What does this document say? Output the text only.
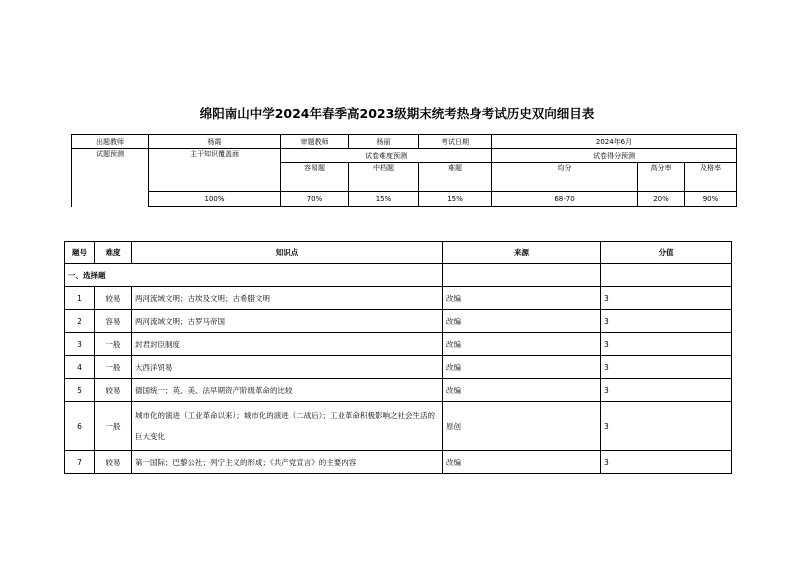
绵阳南山中学2024年春季高2023级期末统考热身考试历史双向细目表
出题教师	杨霞	审题教师	杨丽	考试日期	2024年6月		
试题预测	主干知识覆盖面	试卷难度预测			试卷得分预测		
		容易题	中档题	难题	均分	高分率	及格率
	100%	70%	15%	15%	68-70	20%	90%
题号	难度	知识点	来源	分值
一、选择题				
1	较易	两河流域文明；古埃及文明；古希腊文明	改编	3
2	容易	两河流域文明；古罗马帝国	改编	3
3	一般	封君封臣制度	改编	3
4	一般	大西洋贸易	改编	3
5	较易	德国统一；英、美、法早期资产阶级革命的比较	改编	3
6	一般	城市化的演进（工业革命以来）；城市化的演进（二战后）；工业革命积极影响之社会生活的巨大变化	原创	3
7	较易	第一国际；巴黎公社；列宁主义的形成；《共产党宣言》的主要内容	改编	3
